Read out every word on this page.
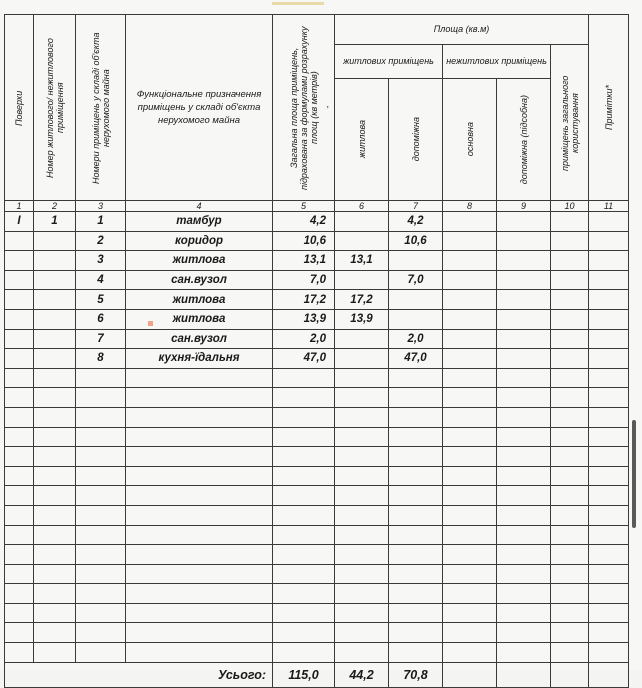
Поверхи	Номер житлового/ нежитлового приміщення	Номери приміщень у складі об'єкта нерухомого майна	Функціональне призначення приміщень у складі об'єкта нерухомого майна	Загальна площа приміщень, підрахована за формулами розрахунку площ (кв метрів) ,	Площа (кв.м)					Примітки*

					житлових приміщень		нежитлових приміщень		приміщень загального користування	

					житлова	допоміжна	основна	допоміжна (підсобна)		

1	2	3	4	5	6	7	8	9	10	11
I	1	1	тамбур	4,2		4,2				
		2	коридор	10,6		10,6				
		3	житлова	13,1	13,1					
		4	сан.вузол	7,0		7,0				
		5	житлова	17,2	17,2					
		6	житлова	13,9	13,9					
		7	сан.вузол	2,0		2,0				
		8	кухня-їдальня	47,0		47,0				

			Усього:	115,0	44,2	70,8				
